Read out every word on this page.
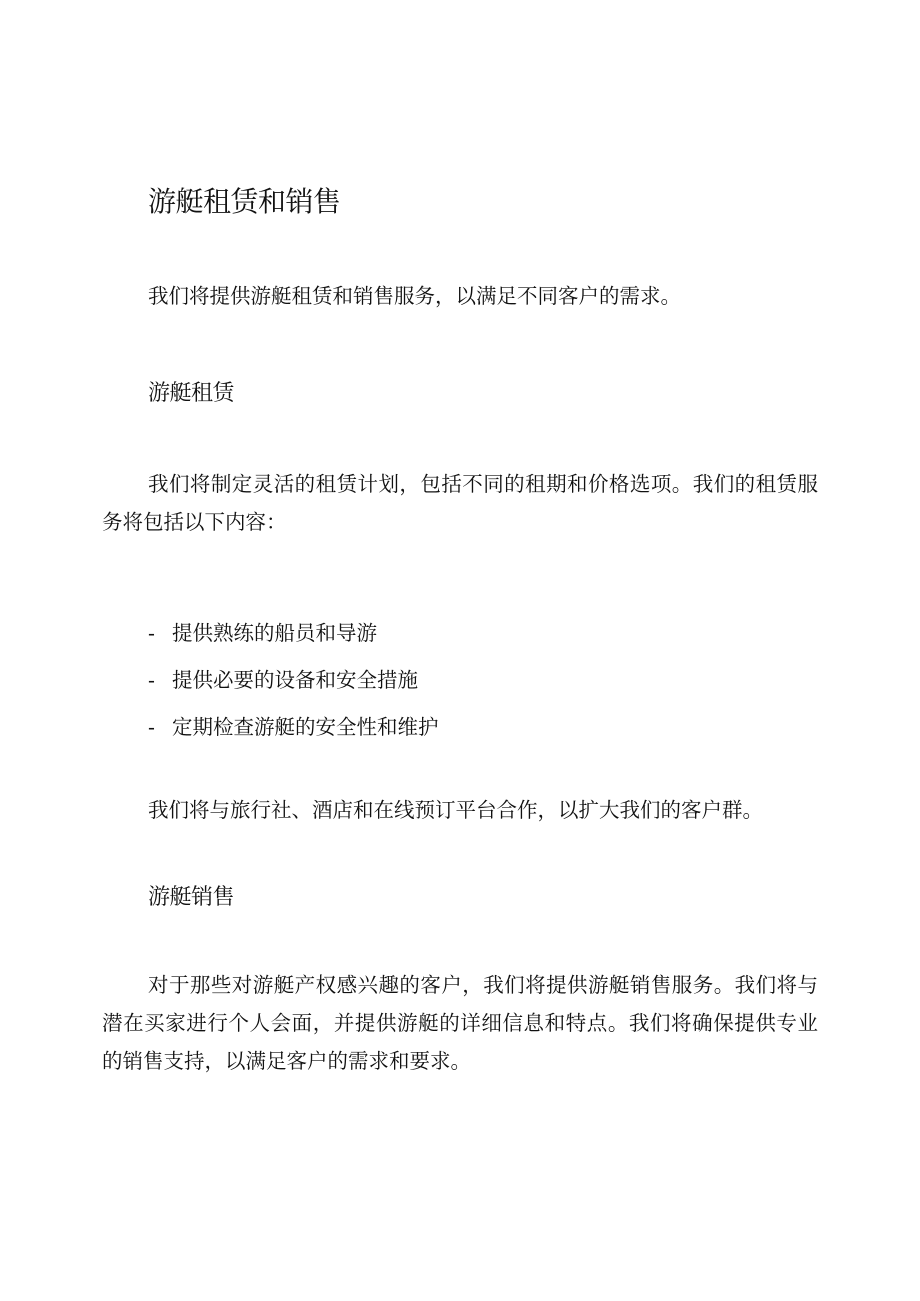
游艇租赁和销售

我们将提供游艇租赁和销售服务，以满足不同客户的需求。

游艇租赁

我们将制定灵活的租赁计划，包括不同的租期和价格选项。我们的租赁服务将包括以下内容：

- 提供熟练的船员和导游
- 提供必要的设备和安全措施
- 定期检查游艇的安全性和维护

我们将与旅行社、酒店和在线预订平台合作，以扩大我们的客户群。

游艇销售

对于那些对游艇产权感兴趣的客户，我们将提供游艇销售服务。我们将与潜在买家进行个人会面，并提供游艇的详细信息和特点。我们将确保提供专业的销售支持，以满足客户的需求和要求。
